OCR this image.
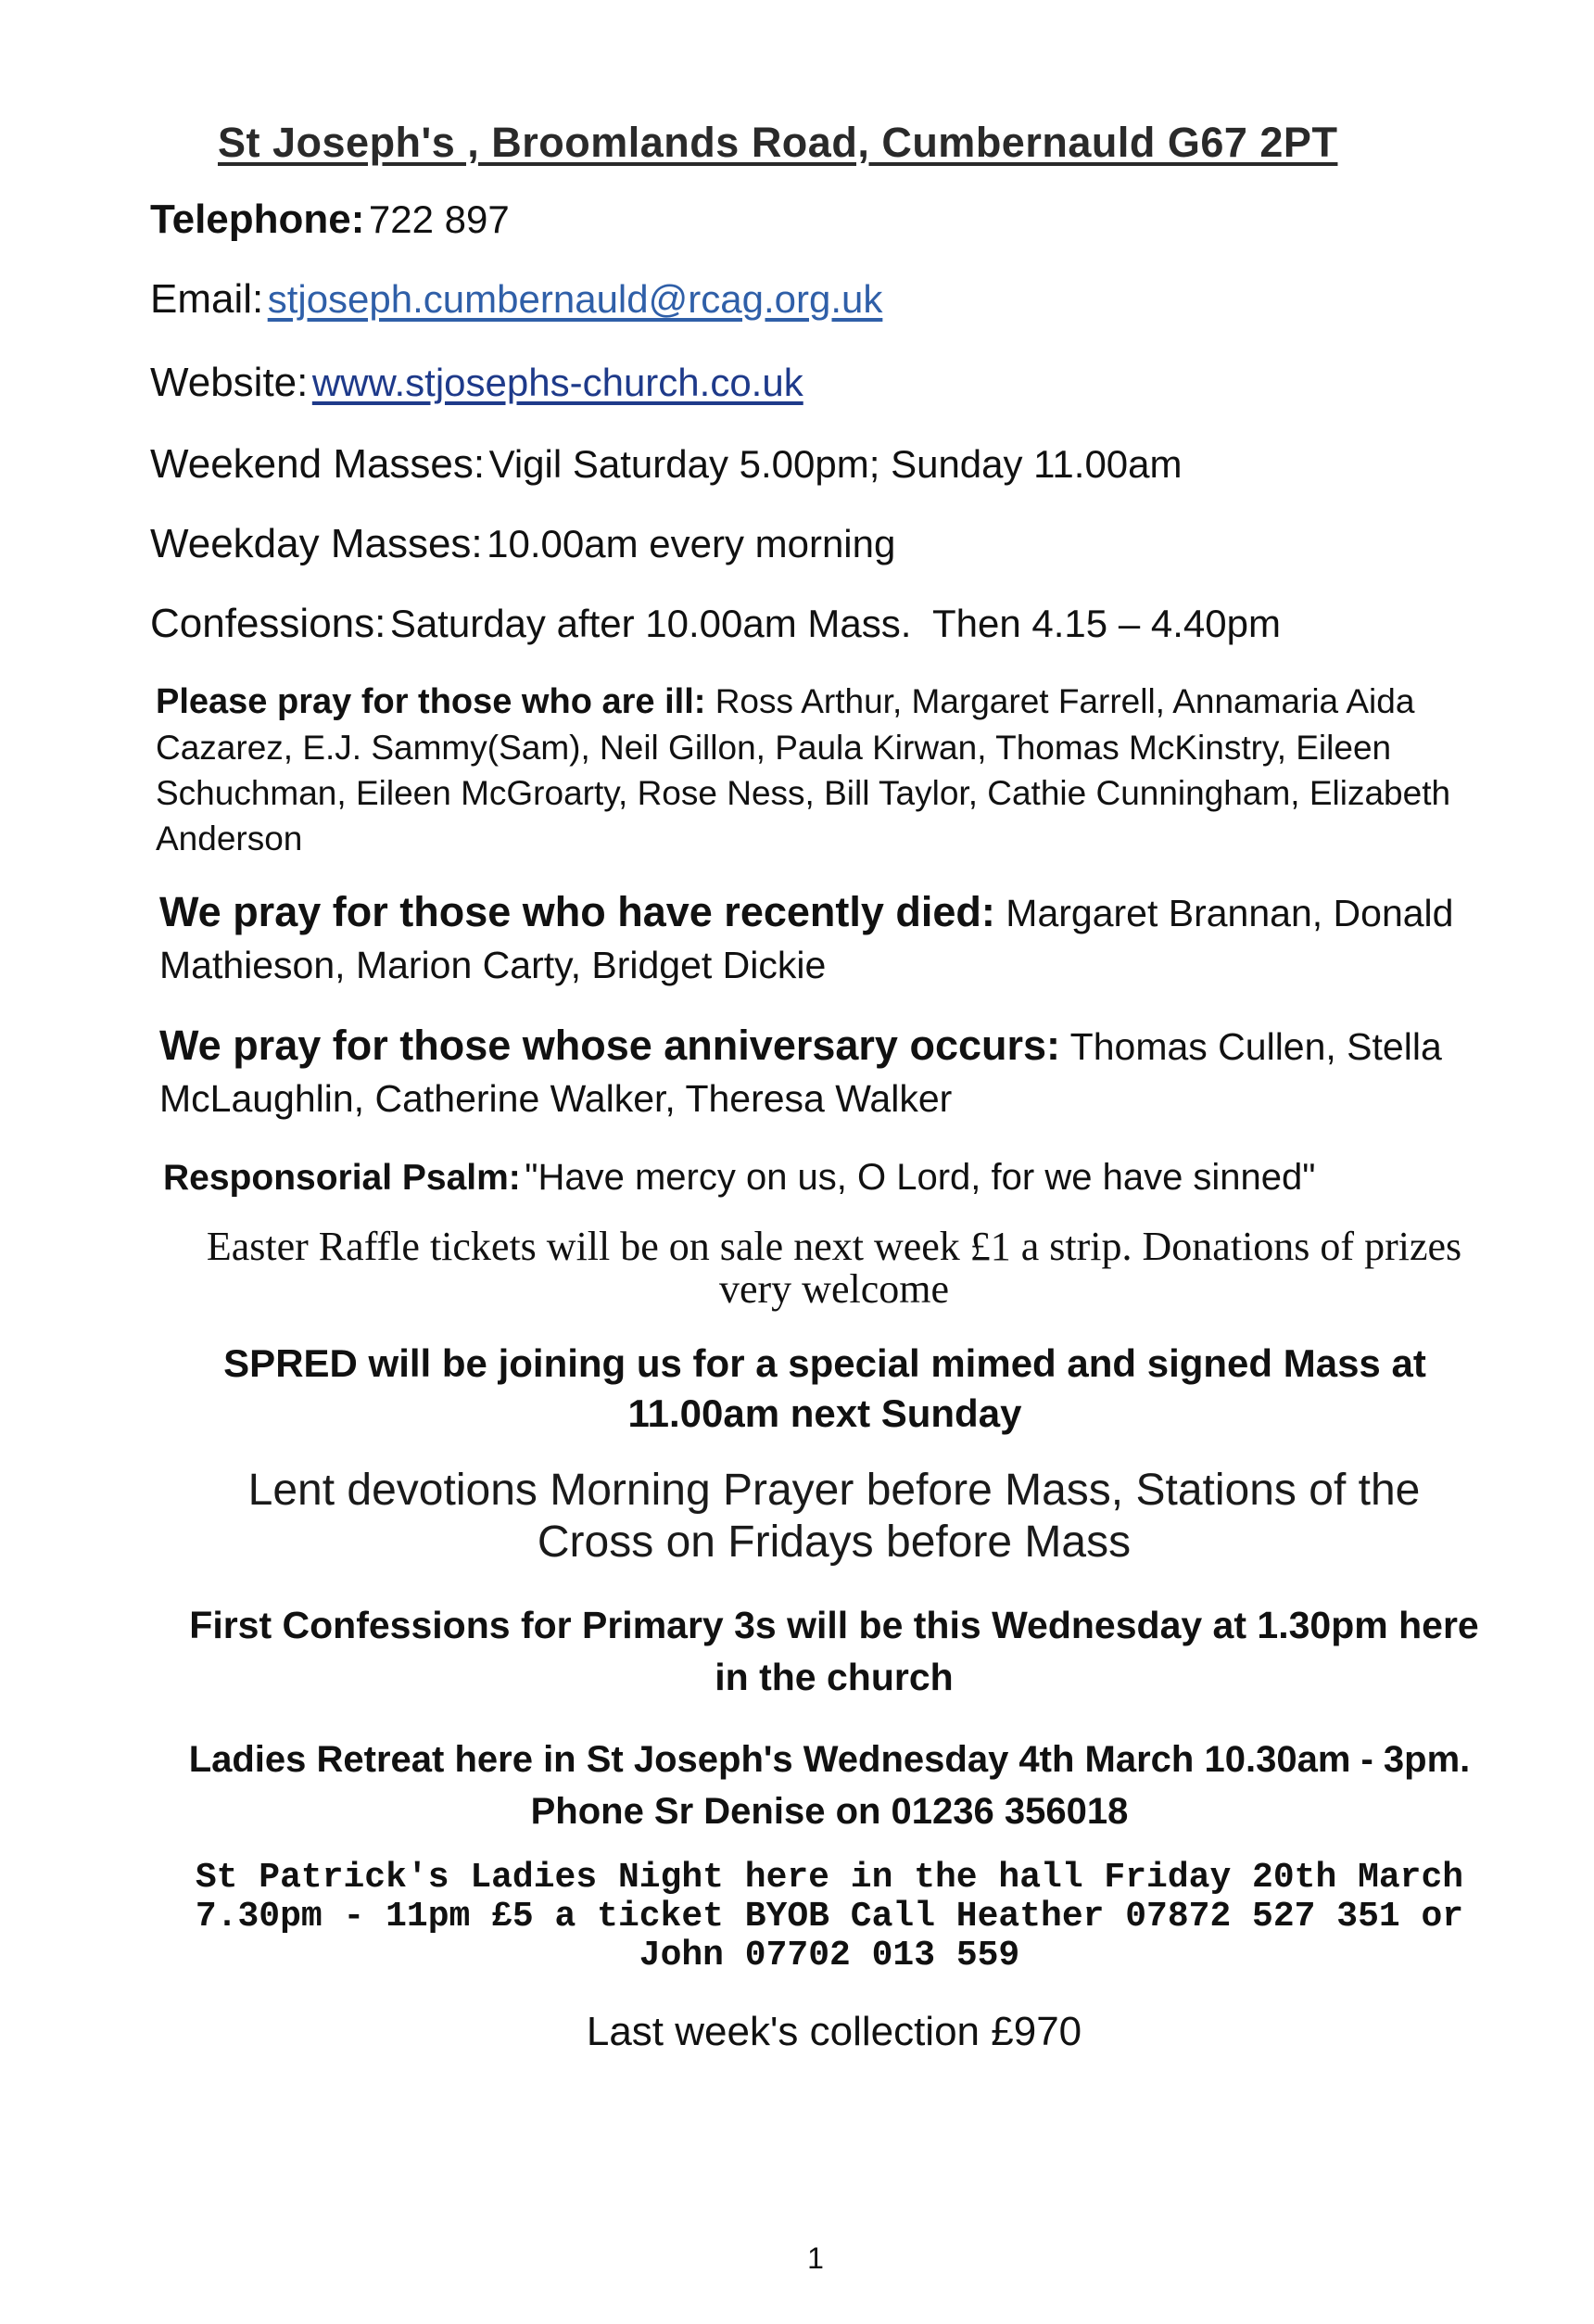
St Joseph's , Broomlands Road, Cumbernauld G67 2PT
Telephone: 722 897
Email: stjoseph.cumbernauld@rcag.org.uk
Website: www.stjosephs-church.co.uk
Weekend Masses: Vigil Saturday 5.00pm; Sunday 11.00am
Weekday Masses: 10.00am every morning
Confessions: Saturday after 10.00am Mass.  Then 4.15 – 4.40pm

Please pray for those who are ill: Ross Arthur, Margaret Farrell, Annamaria Aida Cazarez, E.J. Sammy(Sam), Neil Gillon, Paula Kirwan, Thomas McKinstry, Eileen Schuchman, Eileen McGroarty, Rose Ness, Bill Taylor, Cathie Cunningham, Elizabeth Anderson

We pray for those who have recently died: Margaret Brannan, Donald Mathieson, Marion Carty, Bridget Dickie

We pray for those whose anniversary occurs: Thomas Cullen, Stella McLaughlin, Catherine Walker, Theresa Walker

Responsorial Psalm: "Have mercy on us, O Lord, for we have sinned"

Easter Raffle tickets will be on sale next week £1 a strip. Donations of prizes very welcome

SPRED will be joining us for a special mimed and signed Mass at 11.00am next Sunday

Lent devotions Morning Prayer before Mass, Stations of the Cross on Fridays before Mass

First Confessions for Primary 3s will be this Wednesday at 1.30pm here in the church

Ladies Retreat here in St Joseph's Wednesday 4th March 10.30am - 3pm. Phone Sr Denise on 01236 356018

St Patrick's Ladies Night here in the hall Friday 20th March 7.30pm - 11pm £5 a ticket BYOB Call Heather 07872 527 351 or John 07702 013 559

Last week's collection £970

1
